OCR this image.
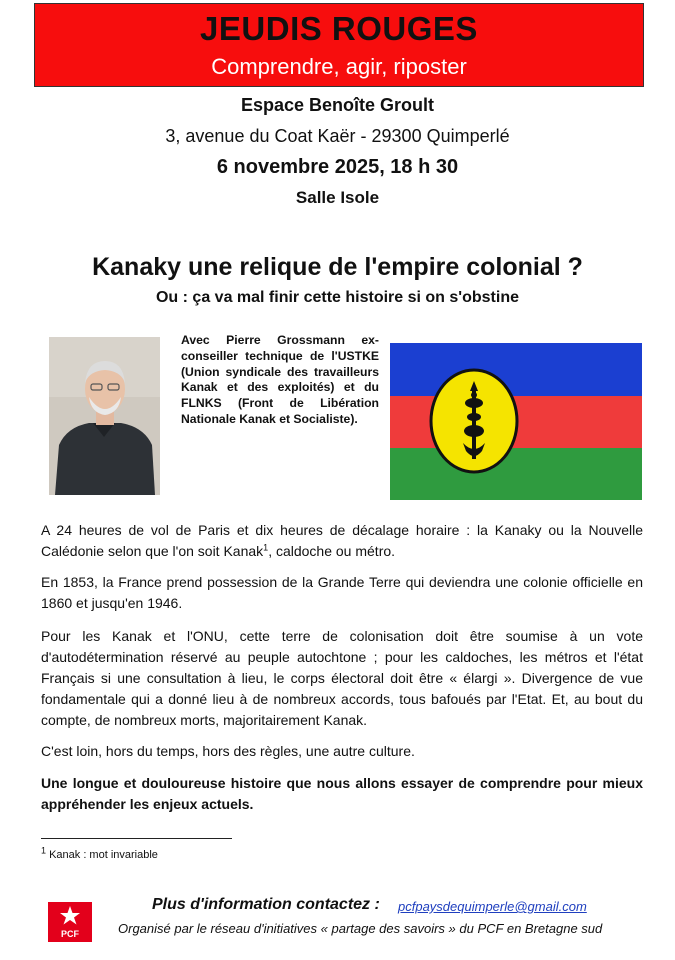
JEUDIS ROUGES
Comprendre, agir, riposter
Espace Benoîte Groult
3, avenue du Coat Kaër - 29300 Quimperlé
6 novembre 2025, 18 h 30
Salle Isole
Kanaky une relique de l'empire colonial ?
Ou : ça va mal finir cette histoire si on s'obstine
Avec Pierre Grossmann ex-conseiller technique de l'USTKE (Union syndicale des travailleurs Kanak et des exploités) et du FLNKS (Front de Libération Nationale Kanak et Socialiste).

A 24 heures de vol de Paris et dix heures de décalage horaire : la Kanaky ou la Nouvelle Calédonie selon que l'on soit Kanak$^1$, caldoche ou métro.

En 1853, la France prend possession de la Grande Terre qui deviendra une colonie officielle en 1860 et jusqu'en 1946.

Pour les Kanak et l'ONU, cette terre de colonisation doit être soumise à un vote d'autodétermination réservé au peuple autochtone ; pour les caldoches, les métros et l'état Français si une consultation à lieu, le corps électoral doit être « élargi ». Divergence de vue fondamentale qui a donné lieu à de nombreux accords, tous bafoués par l'Etat. Et, au bout du compte, de nombreux morts, majoritairement Kanak.

C'est loin, hors du temps, hors des règles, une autre culture.

Une longue et douloureuse histoire que nous allons essayer de comprendre pour mieux appréhender les enjeux actuels.

$^1$ Kanak : mot invariable
PCF
Plus d'information contactez : pcfpaysdequimperle@gmail.com
Organisé par le réseau d'initiatives « partage des savoirs » du PCF en Bretagne sud
